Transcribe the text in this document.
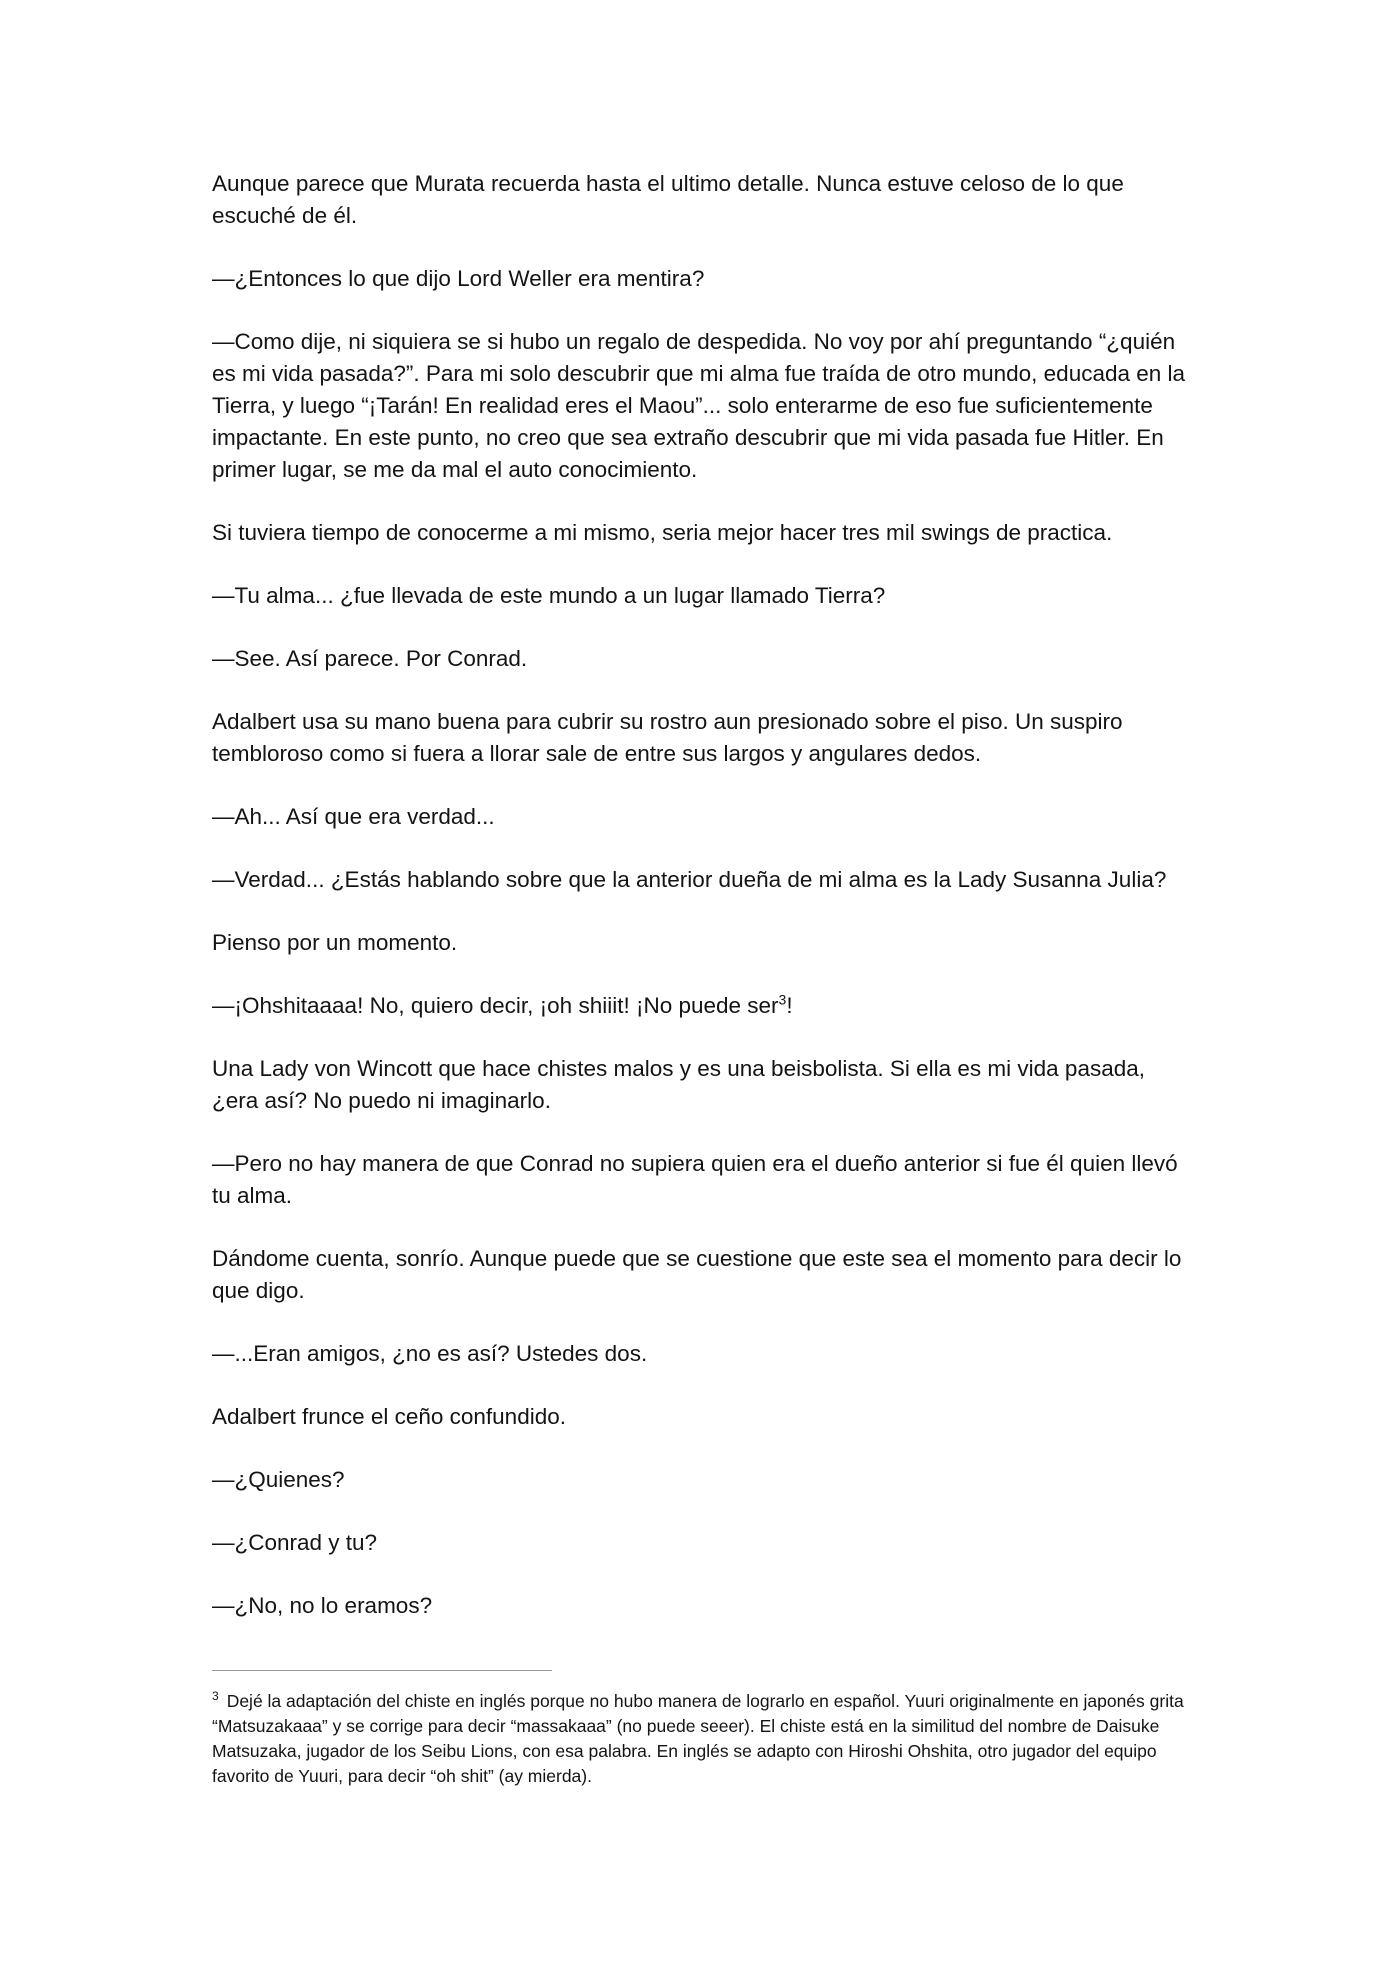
Aunque parece que Murata recuerda hasta el ultimo detalle. Nunca estuve celoso de lo que escuché de él.

—¿Entonces lo que dijo Lord Weller era mentira?

—Como dije, ni siquiera se si hubo un regalo de despedida. No voy por ahí preguntando “¿quién es mi vida pasada?”. Para mi solo descubrir que mi alma fue traída de otro mundo, educada en la Tierra, y luego “¡Tarán! En realidad eres el Maou”... solo enterarme de eso fue suficientemente impactante. En este punto, no creo que sea extraño descubrir que mi vida pasada fue Hitler. En primer lugar, se me da mal el auto conocimiento.

Si tuviera tiempo de conocerme a mi mismo, seria mejor hacer tres mil swings de practica.

—Tu alma... ¿fue llevada de este mundo a un lugar llamado Tierra?

—See. Así parece. Por Conrad.

Adalbert usa su mano buena para cubrir su rostro aun presionado sobre el piso. Un suspiro tembloroso como si fuera a llorar sale de entre sus largos y angulares dedos.

—Ah... Así que era verdad...

—Verdad... ¿Estás hablando sobre que la anterior dueña de mi alma es la Lady Susanna Julia?

Pienso por un momento.

—¡Ohshitaaaa! No, quiero decir, ¡oh shiiit! ¡No puede ser$^3$!

Una Lady von Wincott que hace chistes malos y es una beisbolista. Si ella es mi vida pasada, ¿era así? No puedo ni imaginarlo.

—Pero no hay manera de que Conrad no supiera quien era el dueño anterior si fue él quien llevó tu alma.

Dándome cuenta, sonrío. Aunque puede que se cuestione que este sea el momento para decir lo que digo.

—...Eran amigos, ¿no es así? Ustedes dos.

Adalbert frunce el ceño confundido.

—¿Quienes?

—¿Conrad y tu?

—¿No, no lo eramos?

$^3$ Dejé la adaptación del chiste en inglés porque no hubo manera de lograrlo en español. Yuuri originalmente en japonés grita “Matsuzakaaa” y se corrige para decir “massakaaa” (no puede seeer). El chiste está en la similitud del nombre de Daisuke Matsuzaka, jugador de los Seibu Lions, con esa palabra. En inglés se adapto con Hiroshi Ohshita, otro jugador del equipo favorito de Yuuri, para decir “oh shit” (ay mierda).
